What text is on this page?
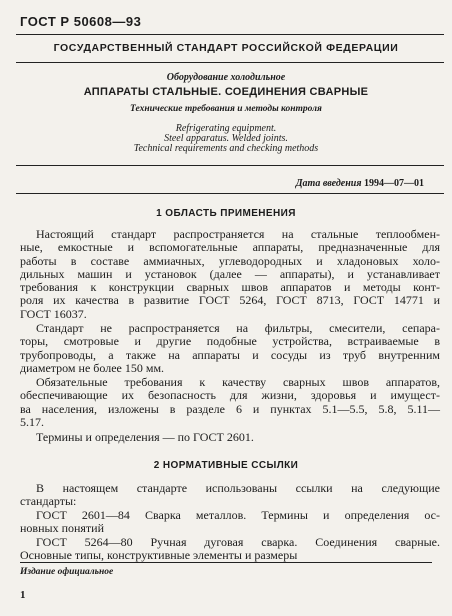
ГОСТ Р 50608—93
ГОСУДАРСТВЕННЫЙ СТАНДАРТ РОССИЙСКОЙ ФЕДЕРАЦИИ
Оборудование холодильное
АППАРАТЫ СТАЛЬНЫЕ. СОЕДИНЕНИЯ СВАРНЫЕ
Технические требования и методы контроля
Refrigerating equipment.
Steel apparatus. Welded joints.
Technical requirements and checking methods
Дата введения 1994—07—01
1 ОБЛАСТЬ ПРИМЕНЕНИЯ
Настоящий стандарт распространяется на стальные теплообмен-
ные, емкостные и вспомогательные аппараты, предназначенные для
работы в составе аммиачных, углеводородных и хладоновых холо-
дильных машин и установок (далее — аппараты), и устанавливает
требования к конструкции сварных швов аппаратов и методы конт-
роля их качества в развитие ГОСТ 5264, ГОСТ 8713, ГОСТ 14771 и
ГОСТ 16037.
Стандарт не распространяется на фильтры, смесители, сепара-
торы, смотровые и другие подобные устройства, встраиваемые в
трубопроводы, а также на аппараты и сосуды из труб внутренним
диаметром не более 150 мм.
Обязательные требования к качеству сварных швов аппаратов,
обеспечивающие их безопасность для жизни, здоровья и имущест-
ва населения, изложены в разделе 6 и пунктах 5.1—5.5, 5.8, 5.11—
5.17.
Термины и определения — по ГОСТ 2601.
2 НОРМАТИВНЫЕ ССЫЛКИ
В настоящем стандарте использованы ссылки на следующие
стандарты:
ГОСТ 2601—84 Сварка металлов. Термины и определения ос-
новных понятий
ГОСТ 5264—80 Ручная дуговая сварка. Соединения сварные.
Основные типы, конструктивные элементы и размеры
Издание официальное
1
